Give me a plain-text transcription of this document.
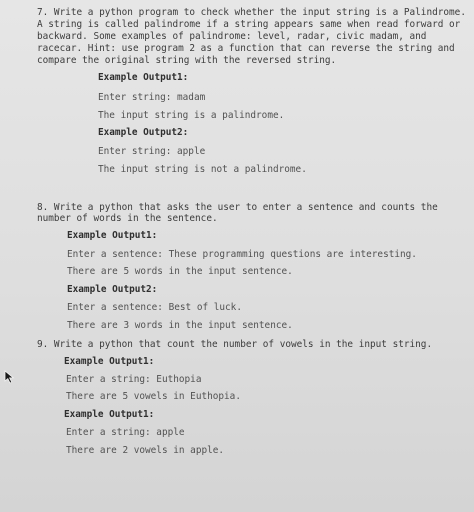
7. Write a python program to check whether the input string is a Palindrome.

A string is called palindrome if a string appears same when read forward or

backward. Some examples of palindrome: level, radar, civic madam, and

racecar. Hint: use program 2 as a function that can reverse the string and

compare the original string with the reversed string.

Example Output1:

Enter string: madam

The input string is a palindrome.

Example Output2:

Enter string: apple

The input string is not a palindrome.

8. Write a python that asks the user to enter a sentence and counts the

number of words in the sentence.

Example Output1:

Enter a sentence: These programming questions are interesting.

There are 5 words in the input sentence.

Example Output2:

Enter a sentence: Best of luck.

There are 3 words in the input sentence.

9. Write a python that count the number of vowels in the input string.

Example Output1:

Enter a string: Euthopia

There are 5 vowels in Euthopia.

Example Output1:

Enter a string: apple

There are 2 vowels in apple.
